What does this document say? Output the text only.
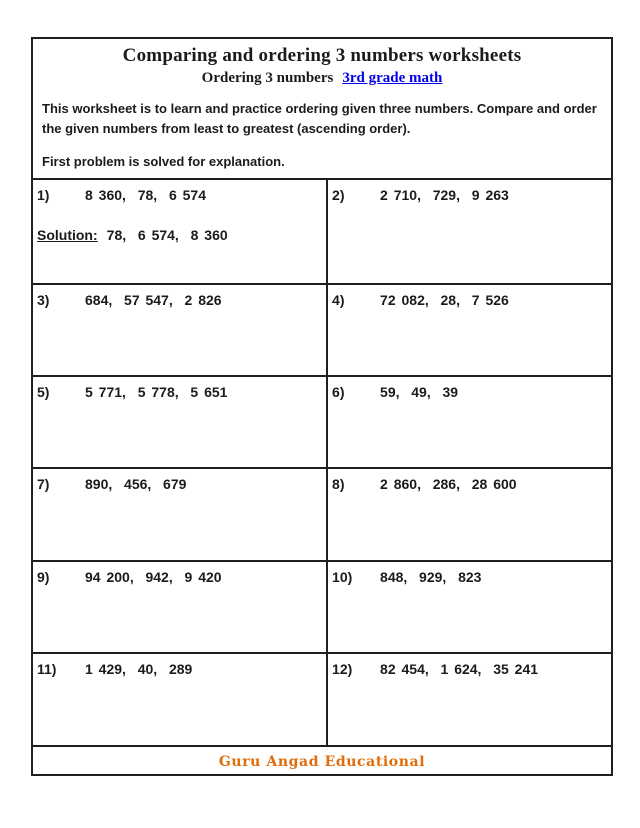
Comparing and ordering 3 numbers worksheets
Ordering 3 numbers 3rd grade math

This worksheet is to learn and practice ordering given three numbers. Compare and order the given numbers from least to greatest (ascending order).

First problem is solved for explanation.

1)	8 360,  78,  6 574
Solution: 78,  6 574,  8 360
2)	2 710,  729,  9 263
3)	684,  57 547,  2 826	4)	72 082,  28,  7 526
5)	5 771,  5 778,  5 651	6)	59,  49,  39
7)	890,  456,  679	8)	2 860,  286,  28 600
9)	94 200,  942,  9 420	10)	848,  929,  823
11)	1 429,  40,  289	12)	82 454,  1 624,  35 241
Guru Angad Educational
